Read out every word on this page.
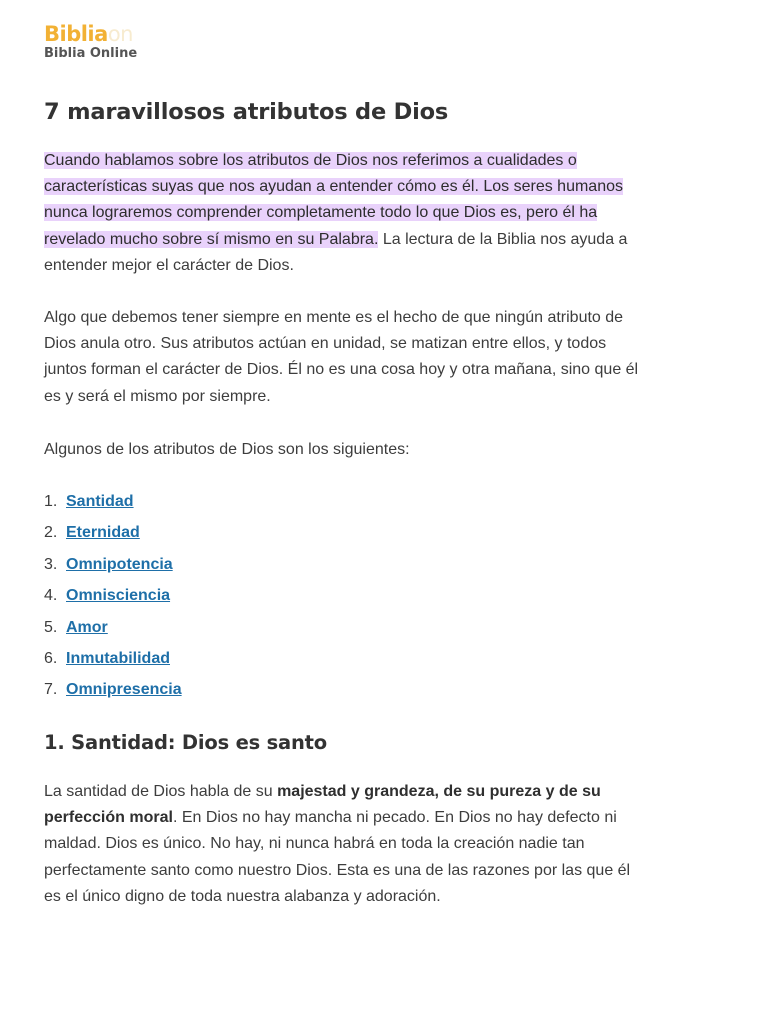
Bibliaon
Biblia Online
7 maravillosos atributos de Dios

Cuando hablamos sobre los atributos de Dios nos referimos a cualidades o características suyas que nos ayudan a entender cómo es él. Los seres humanos nunca lograremos comprender completamente todo lo que Dios es, pero él ha revelado mucho sobre sí mismo en su Palabra. La lectura de la Biblia nos ayuda a entender mejor el carácter de Dios.

Algo que debemos tener siempre en mente es el hecho de que ningún atributo de Dios anula otro. Sus atributos actúan en unidad, se matizan entre ellos, y todos juntos forman el carácter de Dios. Él no es una cosa hoy y otra mañana, sino que él es y será el mismo por siempre.

Algunos de los atributos de Dios son los siguientes:

1. Santidad
2. Eternidad
3. Omnipotencia
4. Omnisciencia
5. Amor
6. Inmutabilidad
7. Omnipresencia
1. Santidad: Dios es santo

La santidad de Dios habla de su majestad y grandeza, de su pureza y de su perfección moral. En Dios no hay mancha ni pecado. En Dios no hay defecto ni maldad. Dios es único. No hay, ni nunca habrá en toda la creación nadie tan perfectamente santo como nuestro Dios. Esta es una de las razones por las que él es el único digno de toda nuestra alabanza y adoración.
